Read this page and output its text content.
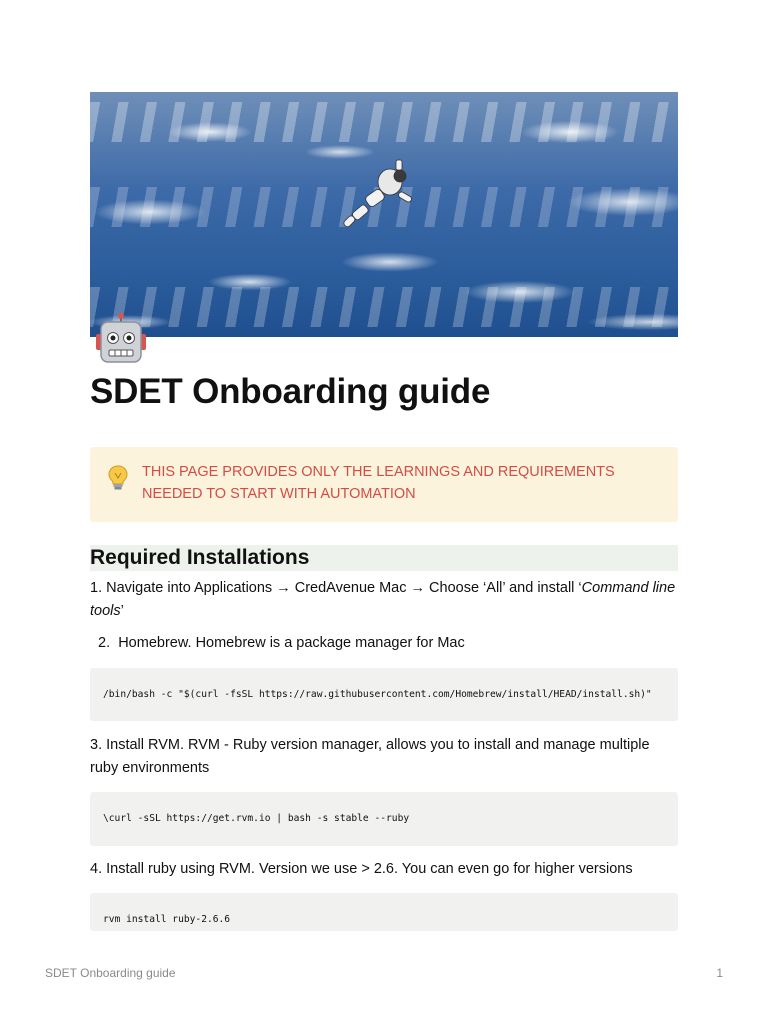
SDET Onboarding guide
THIS PAGE PROVIDES ONLY THE LEARNINGS AND REQUIREMENTS
NEEDED TO START WITH AUTOMATION
Required Installations
1. Navigate into Applications → CredAvenue Mac → Choose ‘All’ and install ‘Command line tools’
2.  Homebrew. Homebrew is a package manager for Mac
/bin/bash -c "$(curl -fsSL https://raw.githubusercontent.com/Homebrew/install/HEAD/install.sh)"
3. Install RVM. RVM - Ruby version manager, allows you to install and manage multiple
ruby environments
\curl -sSL https://get.rvm.io | bash -s stable --ruby
4. Install ruby using RVM. Version we use > 2.6. You can even go for higher versions
rvm install ruby-2.6.6
SDET Onboarding guide	1
